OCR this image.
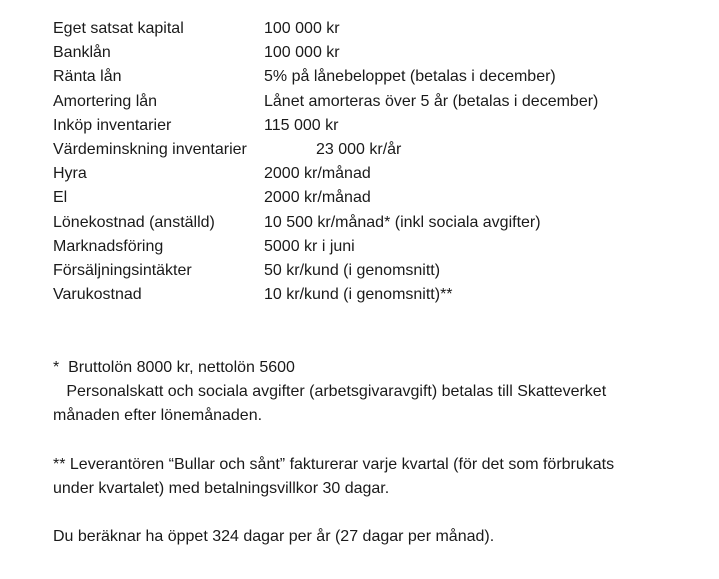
Eget satsat kapital	100 000 kr
Banklån	100 000 kr
Ränta lån	5% på lånebeloppet (betalas i december)
Amortering lån	Lånet amorteras över 5 år (betalas i december)
Inköp inventarier	115 000 kr
Värdeminskning inventarier	23 000 kr/år
Hyra	2000 kr/månad
El	2000 kr/månad
Lönekostnad (anställd)	10 500 kr/månad* (inkl sociala avgifter)
Marknadsföring	5000 kr i juni
Försäljningsintäkter	50 kr/kund (i genomsnitt)
Varukostnad	10 kr/kund (i genomsnitt)**
*  Bruttolön 8000 kr, nettolön 5600
Personalskatt och sociala avgifter (arbetsgivaravgift) betalas till Skatteverket
månaden efter lönemånaden.
** Leverantören “Bullar och sånt” fakturerar varje kvartal (för det som förbrukats
under kvartalet) med betalningsvillkor 30 dagar.
Du beräknar ha öppet 324 dagar per år (27 dagar per månad).
